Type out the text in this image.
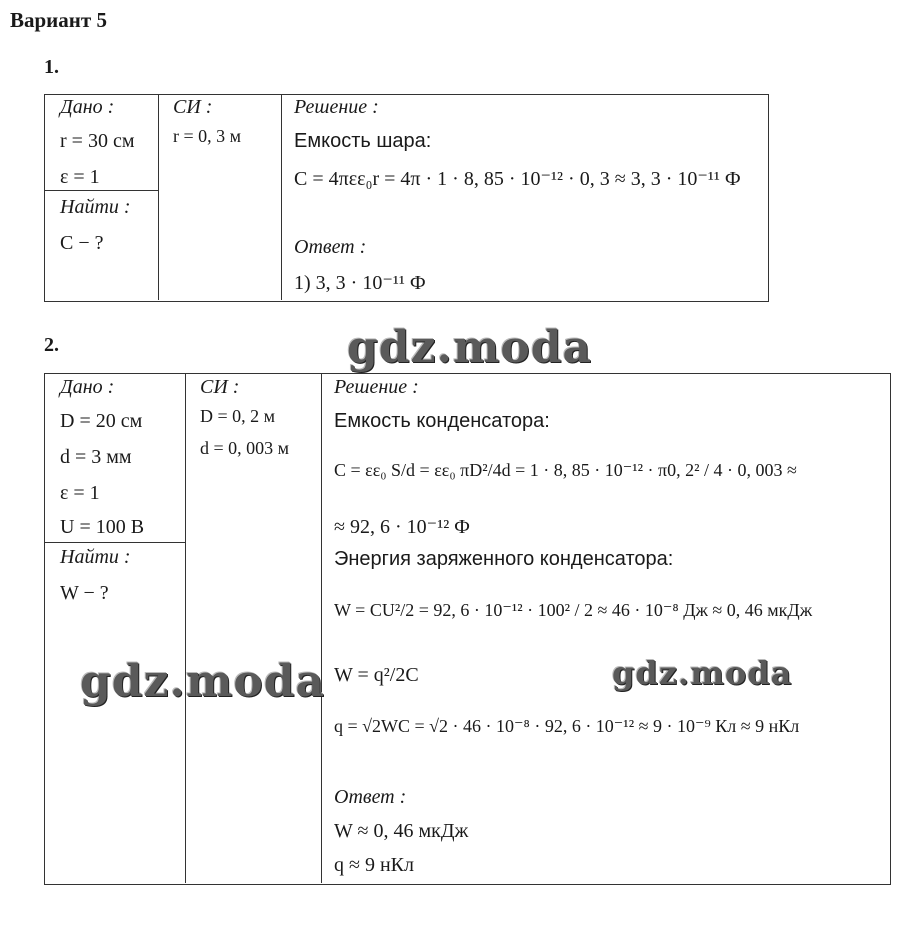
Вариант 5
1.
Дано :
r = 30 см
ε = 1
Найти :
C − ?
СИ :
r = 0, 3 м
Решение :
Емкость шара:
C = 4πεε₀r = 4π · 1 · 8, 85 · 10⁻¹² · 0, 3 ≈ 3, 3 · 10⁻¹¹ Ф
Ответ :
1) 3, 3 · 10⁻¹¹ Ф
2.
Дано :
D = 20 см
d = 3 мм
ε = 1
U = 100 В
Найти :
W − ?
СИ :
D = 0, 2 м
d = 0, 003 м
Решение :
Емкость конденсатора:
C = εε₀ S/d = εε₀ πD²/4d = 1 · 8, 85 · 10⁻¹² · π0, 2² / 4 · 0, 003 ≈
≈ 92, 6 · 10⁻¹² Ф
Энергия заряженного конденсатора:
W = CU²/2 = 92, 6 · 10⁻¹² · 100² / 2 ≈ 46 · 10⁻⁸ Дж ≈ 0, 46 мкДж
W = q²/2C
q = √2WC = √2 · 46 · 10⁻⁸ · 92, 6 · 10⁻¹² ≈ 9 · 10⁻⁹ Кл ≈ 9 нКл
Ответ :
W ≈ 0, 46 мкДж
q ≈ 9 нКл
gdz.moda
gdz.moda	gdz.moda
